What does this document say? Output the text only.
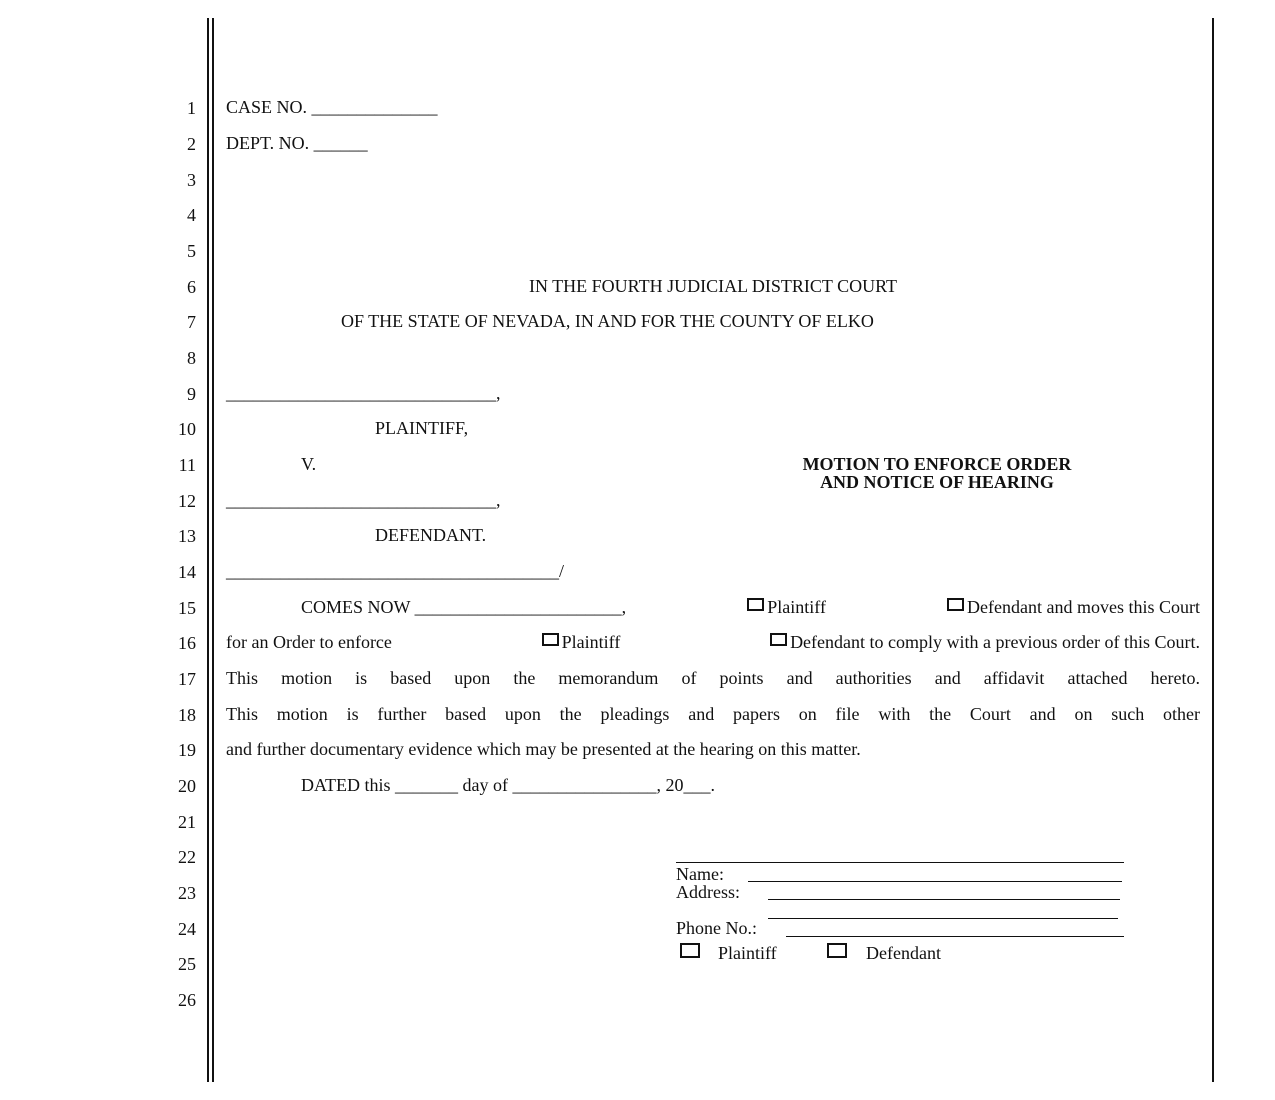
1
2
3
4
5
6
7
8
9
10
11
12
13
14
15
16
17
18
19
20
21
22
23
24
25
26
CASE NO. ______________
DEPT. NO. ______
IN THE FOURTH JUDICIAL DISTRICT COURT
OF THE STATE OF NEVADA, IN AND FOR THE COUNTY OF ELKO
______________________________,
PLAINTIFF,
V.
______________________________,
DEFENDANT.
_____________________________________/
MOTION TO ENFORCE ORDER
AND NOTICE OF HEARING
COMES NOW _______________________,	Plaintiff	Defendant and moves this Court
for an Order to enforce	Plaintiff	Defendant to comply with a previous order of this Court.
This motion is based upon the memorandum of points and authorities and affidavit attached hereto.
This motion is further based upon the pleadings and papers on file with the Court and on such other
and further documentary evidence which may be presented at the hearing on this matter.
DATED this _______ day of ________________, 20___.
Name:
Address:
Phone No.:
Plaintiff	Defendant
